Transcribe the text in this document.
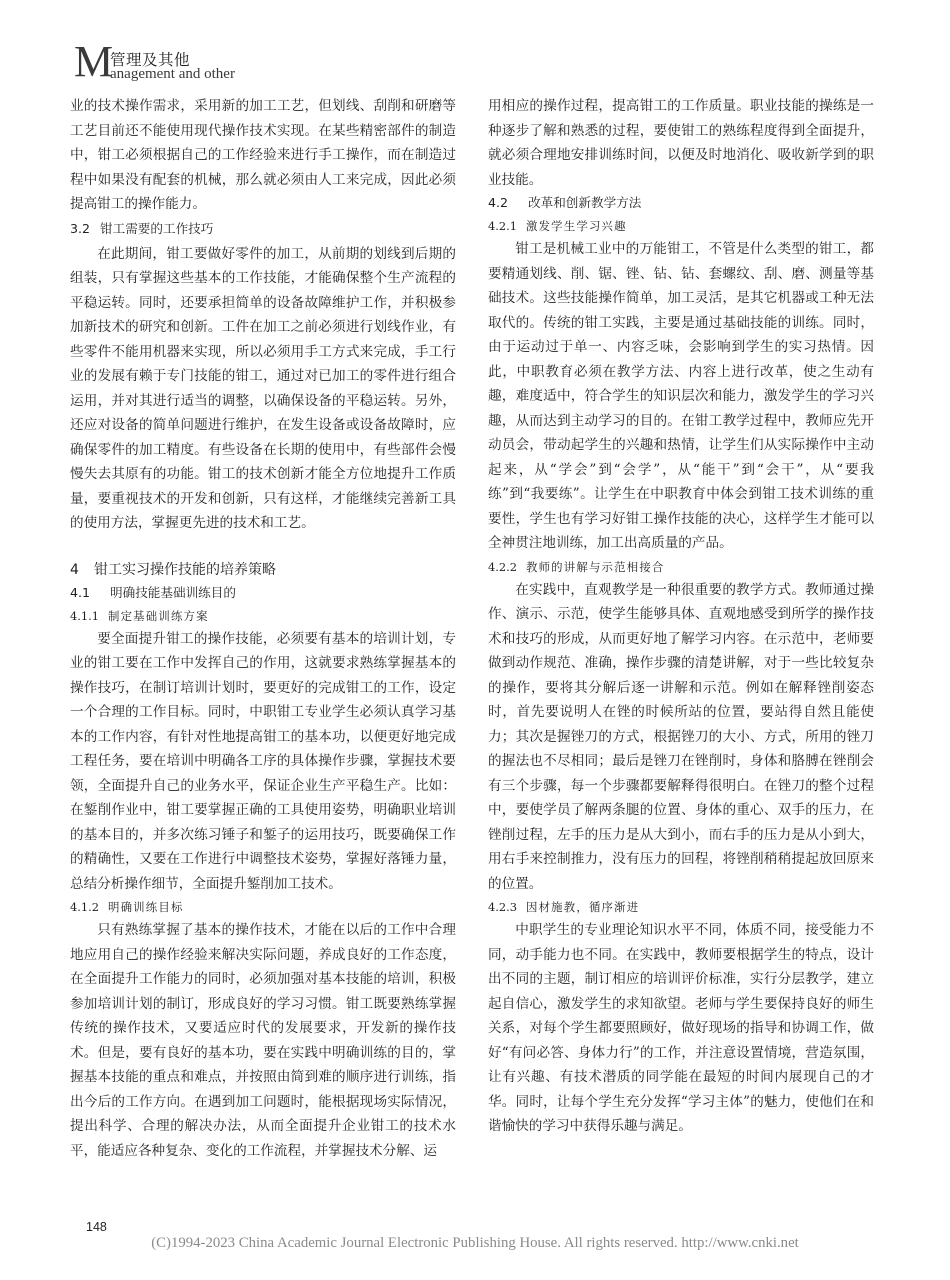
M
管理及其他
anagement and other

业的技术操作需求，采用新的加工工艺，但划线、刮削和研磨等工艺目前还不能使用现代操作技术实现。在某些精密部件的制造中，钳工必须根据自己的工作经验来进行手工操作，而在制造过程中如果没有配套的机械，那么就必须由人工来完成，因此必须提高钳工的操作能力。

3.2 钳工需要的工作技巧

在此期间，钳工要做好零件的加工，从前期的划线到后期的组装，只有掌握这些基本的工作技能，才能确保整个生产流程的平稳运转。同时，还要承担简单的设备故障维护工作，并积极参加新技术的研究和创新。工件在加工之前必须进行划线作业，有些零件不能用机器来实现，所以必须用手工方式来完成，手工行业的发展有赖于专门技能的钳工，通过对已加工的零件进行组合运用，并对其进行适当的调整，以确保设备的平稳运转。另外，还应对设备的简单问题进行维护，在发生设备或设备故障时，应确保零件的加工精度。有些设备在长期的使用中，有些部件会慢慢失去其原有的功能。钳工的技术创新才能全方位地提升工作质量，要重视技术的开发和创新，只有这样，才能继续完善新工具的使用方法，掌握更先进的技术和工艺。

4 钳工实习操作技能的培养策略
4.1 明确技能基础训练目的
4.1.1 制定基础训练方案

要全面提升钳工的操作技能，必须要有基本的培训计划，专业的钳工要在工作中发挥自己的作用，这就要求熟练掌握基本的操作技巧，在制订培训计划时，要更好的完成钳工的工作，设定一个合理的工作目标。同时，中职钳工专业学生必须认真学习基本的工作内容，有针对性地提高钳工的基本功，以便更好地完成工程任务，要在培训中明确各工序的具体操作步骤，掌握技术要领，全面提升自己的业务水平，保证企业生产平稳生产。比如：在錾削作业中，钳工要掌握正确的工具使用姿势，明确职业培训的基本目的，并多次练习锤子和錾子的运用技巧，既要确保工作的精确性，又要在工作进行中调整技术姿势，掌握好落锤力量，总结分析操作细节，全面提升錾削加工技术。

4.1.2 明确训练目标

只有熟练掌握了基本的操作技术，才能在以后的工作中合理地应用自己的操作经验来解决实际问题，养成良好的工作态度，在全面提升工作能力的同时，必须加强对基本技能的培训，积极参加培训计划的制订，形成良好的学习习惯。钳工既要熟练掌握传统的操作技术，又要适应时代的发展要求，开发新的操作技术。但是，要有良好的基本功，要在实践中明确训练的目的，掌握基本技能的重点和难点，并按照由简到难的顺序进行训练，指出今后的工作方向。在遇到加工问题时，能根据现场实际情况，提出科学、合理的解决办法，从而全面提升企业钳工的技术水平，能适应各种复杂、变化的工作流程，并掌握技术分解、运

用相应的操作过程，提高钳工的工作质量。职业技能的操练是一种逐步了解和熟悉的过程，要使钳工的熟练程度得到全面提升，就必须合理地安排训练时间，以便及时地消化、吸收新学到的职业技能。

4.2 改革和创新教学方法
4.2.1 激发学生学习兴趣

钳工是机械工业中的万能钳工，不管是什么类型的钳工，都要精通划线、削、锯、锉、钻、钻、套螺纹、刮、磨、测量等基础技术。这些技能操作简单，加工灵活，是其它机器或工种无法取代的。传统的钳工实践，主要是通过基础技能的训练。同时，由于运动过于单一、内容乏味，会影响到学生的实习热情。因此，中职教育必须在教学方法、内容上进行改革，使之生动有趣，难度适中，符合学生的知识层次和能力，激发学生的学习兴趣，从而达到主动学习的目的。在钳工教学过程中，教师应先开动员会，带动起学生的兴趣和热情，让学生们从实际操作中主动起来，从“学会”到“会学”，从“能干”到“会干”，从“要我练”到“我要练”。让学生在中职教育中体会到钳工技术训练的重要性，学生也有学习好钳工操作技能的决心，这样学生才能可以全神贯注地训练，加工出高质量的产品。

4.2.2 教师的讲解与示范相接合

在实践中，直观教学是一种很重要的教学方式。教师通过操作、演示、示范，使学生能够具体、直观地感受到所学的操作技术和技巧的形成，从而更好地了解学习内容。在示范中，老师要做到动作规范、准确，操作步骤的清楚讲解，对于一些比较复杂的操作，要将其分解后逐一讲解和示范。例如在解释锉削姿态时，首先要说明人在锉的时候所站的位置，要站得自然且能使力；其次是握锉刀的方式，根据锉刀的大小、方式，所用的锉刀的握法也不尽相同；最后是锉刀在锉削时，身体和胳膊在锉削会有三个步骤，每一个步骤都要解释得很明白。在锉刀的整个过程中，要使学员了解两条腿的位置、身体的重心、双手的压力，在锉削过程，左手的压力是从大到小，而右手的压力是从小到大，用右手来控制推力，没有压力的回程，将锉削稍稍提起放回原来的位置。

4.2.3 因材施教，循序渐进

中职学生的专业理论知识水平不同，体质不同，接受能力不同，动手能力也不同。在实践中，教师要根据学生的特点，设计出不同的主题，制订相应的培训评价标准，实行分层教学，建立起自信心，激发学生的求知欲望。老师与学生要保持良好的师生关系，对每个学生都要照顾好，做好现场的指导和协调工作，做好“有问必答、身体力行”的工作，并注意设置情境，营造氛围，让有兴趣、有技术潜质的同学能在最短的时间内展现自己的才华。同时，让每个学生充分发挥“学习主体”的魅力，使他们在和谐愉快的学习中获得乐趣与满足。

148
(C)1994-2023 China Academic Journal Electronic Publishing House. All rights reserved. http://www.cnki.net
